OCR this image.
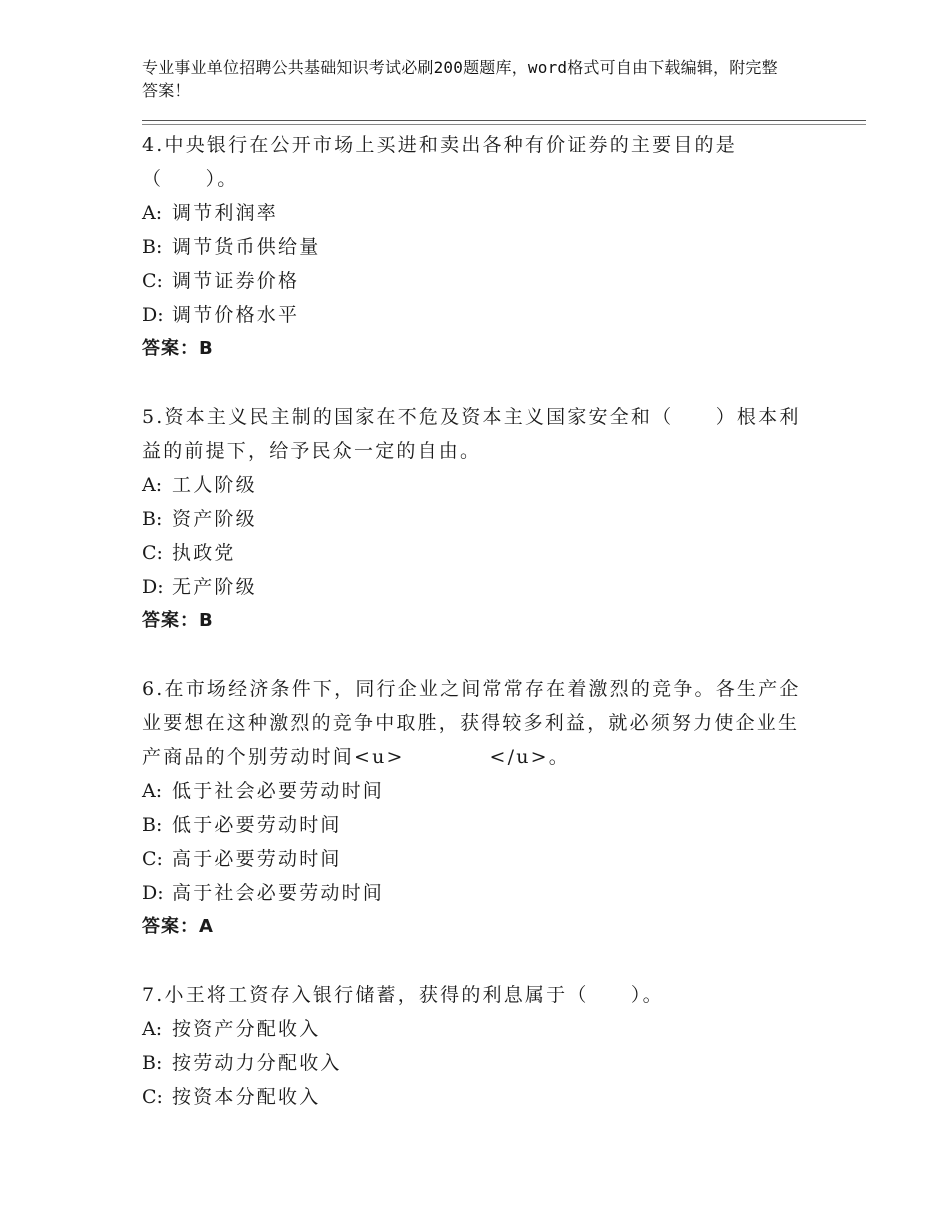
专业事业单位招聘公共基础知识考试必刷200题题库，word格式可自由下载编辑，附完整答案！

4.中央银行在公开市场上买进和卖出各种有价证券的主要目的是（　　）。

A: 调节利润率
B: 调节货币供给量
C: 调节证券价格
D: 调节价格水平

答案：B

5.资本主义民主制的国家在不危及资本主义国家安全和（　　）根本利益的前提下，给予民众一定的自由。

A: 工人阶级
B: 资产阶级
C: 执政党
D: 无产阶级

答案：B

6.在市场经济条件下，同行企业之间常常存在着激烈的竞争。各生产企业要想在这种激烈的竞争中取胜，获得较多利益，就必须努力使企业生产商品的个别劳动时间<u>　　　　</u>。

A: 低于社会必要劳动时间
B: 低于必要劳动时间
C: 高于必要劳动时间
D: 高于社会必要劳动时间

答案：A

7.小王将工资存入银行储蓄，获得的利息属于（　　）。

A: 按资产分配收入
B: 按劳动力分配收入
C: 按资本分配收入
